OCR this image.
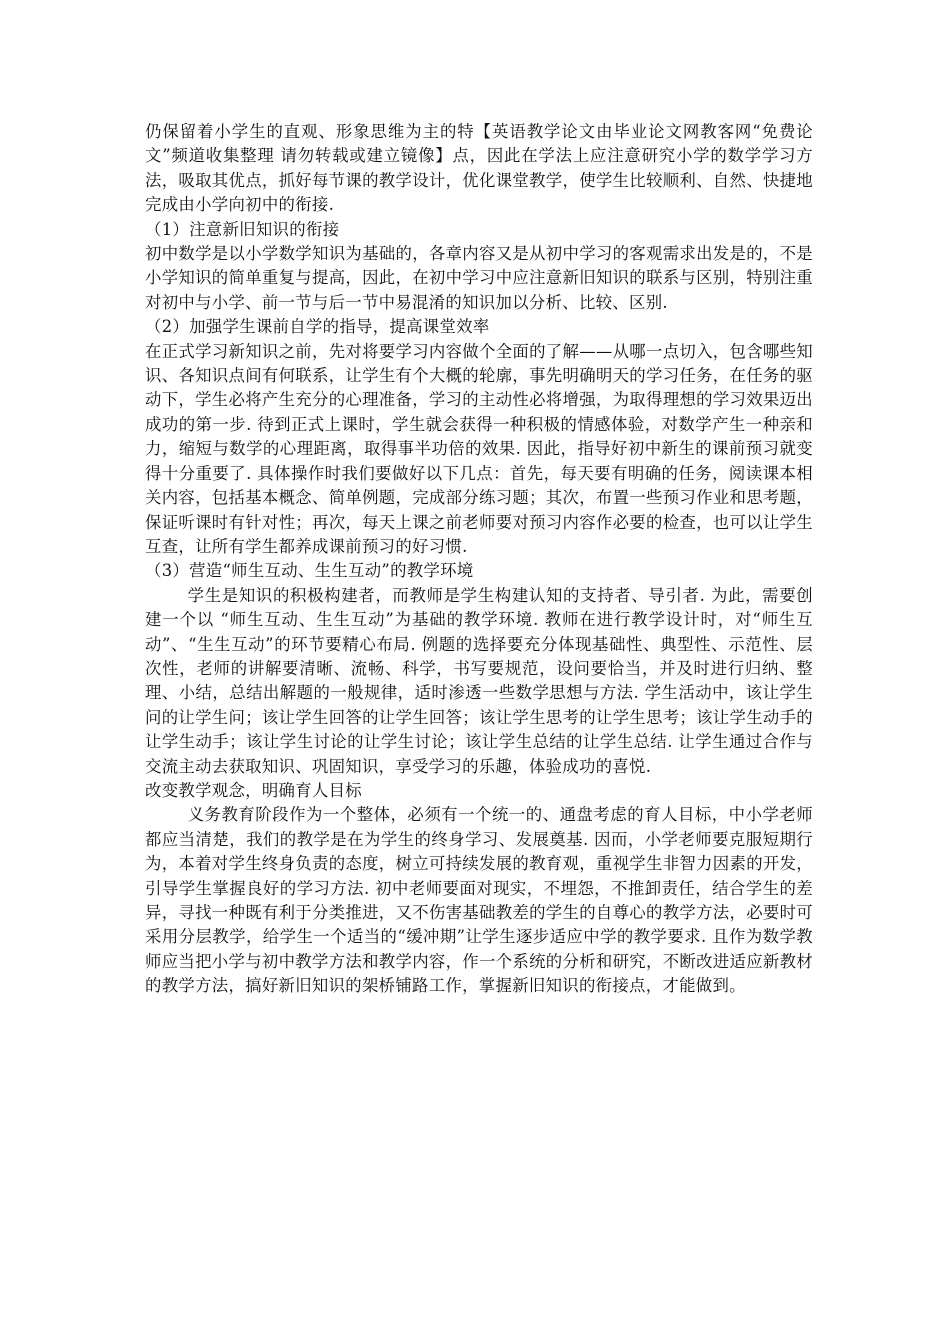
仍保留着小学生的直观、形象思维为主的特【英语教学论文由毕业论文网教客网“免费论文”频道收集整理 请勿转载或建立镜像】点，因此在学法上应注意研究小学的数学学习方法，吸取其优点，抓好每节课的教学设计，优化课堂教学，使学生比较顺利、自然、快捷地完成由小学向初中的衔接.

（1）注意新旧知识的衔接

初中数学是以小学数学知识为基础的，各章内容又是从初中学习的客观需求出发是的，不是小学知识的简单重复与提高，因此，在初中学习中应注意新旧知识的联系与区别，特别注重对初中与小学、前一节与后一节中易混淆的知识加以分析、比较、区别.

（2）加强学生课前自学的指导，提高课堂效率

在正式学习新知识之前，先对将要学习内容做个全面的了解——从哪一点切入，包含哪些知识、各知识点间有何联系，让学生有个大概的轮廓，事先明确明天的学习任务，在任务的驱动下，学生必将产生充分的心理准备，学习的主动性必将增强，为取得理想的学习效果迈出成功的第一步. 待到正式上课时，学生就会获得一种积极的情感体验，对数学产生一种亲和力，缩短与数学的心理距离，取得事半功倍的效果. 因此，指导好初中新生的课前预习就变得十分重要了. 具体操作时我们要做好以下几点：首先，每天要有明确的任务，阅读课本相关内容，包括基本概念、简单例题，完成部分练习题；其次，布置一些预习作业和思考题，保证听课时有针对性；再次，每天上课之前老师要对预习内容作必要的检查，也可以让学生互查，让所有学生都养成课前预习的好习惯.

（3）营造“师生互动、生生互动”的教学环境

学生是知识的积极构建者，而教师是学生构建认知的支持者、导引者. 为此，需要创建一个以 “师生互动、生生互动”为基础的教学环境. 教师在进行教学设计时，对“师生互动”、“生生互动”的环节要精心布局. 例题的选择要充分体现基础性、典型性、示范性、层次性，老师的讲解要清晰、流畅、科学，书写要规范，设问要恰当，并及时进行归纳、整理、小结，总结出解题的一般规律，适时渗透一些数学思想与方法. 学生活动中，该让学生问的让学生问；该让学生回答的让学生回答；该让学生思考的让学生思考；该让学生动手的让学生动手；该让学生讨论的让学生讨论；该让学生总结的让学生总结. 让学生通过合作与交流主动去获取知识、巩固知识，享受学习的乐趣，体验成功的喜悦.

改变教学观念，明确育人目标

义务教育阶段作为一个整体，必须有一个统一的、通盘考虑的育人目标，中小学老师都应当清楚，我们的教学是在为学生的终身学习、发展奠基. 因而，小学老师要克服短期行为，本着对学生终身负责的态度，树立可持续发展的教育观，重视学生非智力因素的开发，引导学生掌握良好的学习方法. 初中老师要面对现实，不埋怨，不推卸责任，结合学生的差异，寻找一种既有利于分类推进，又不伤害基础教差的学生的自尊心的教学方法，必要时可采用分层教学，给学生一个适当的“缓冲期”让学生逐步适应中学的教学要求. 且作为数学教师应当把小学与初中教学方法和教学内容，作一个系统的分析和研究，不断改进适应新教材的教学方法，搞好新旧知识的架桥铺路工作，掌握新旧知识的衔接点，才能做到。
